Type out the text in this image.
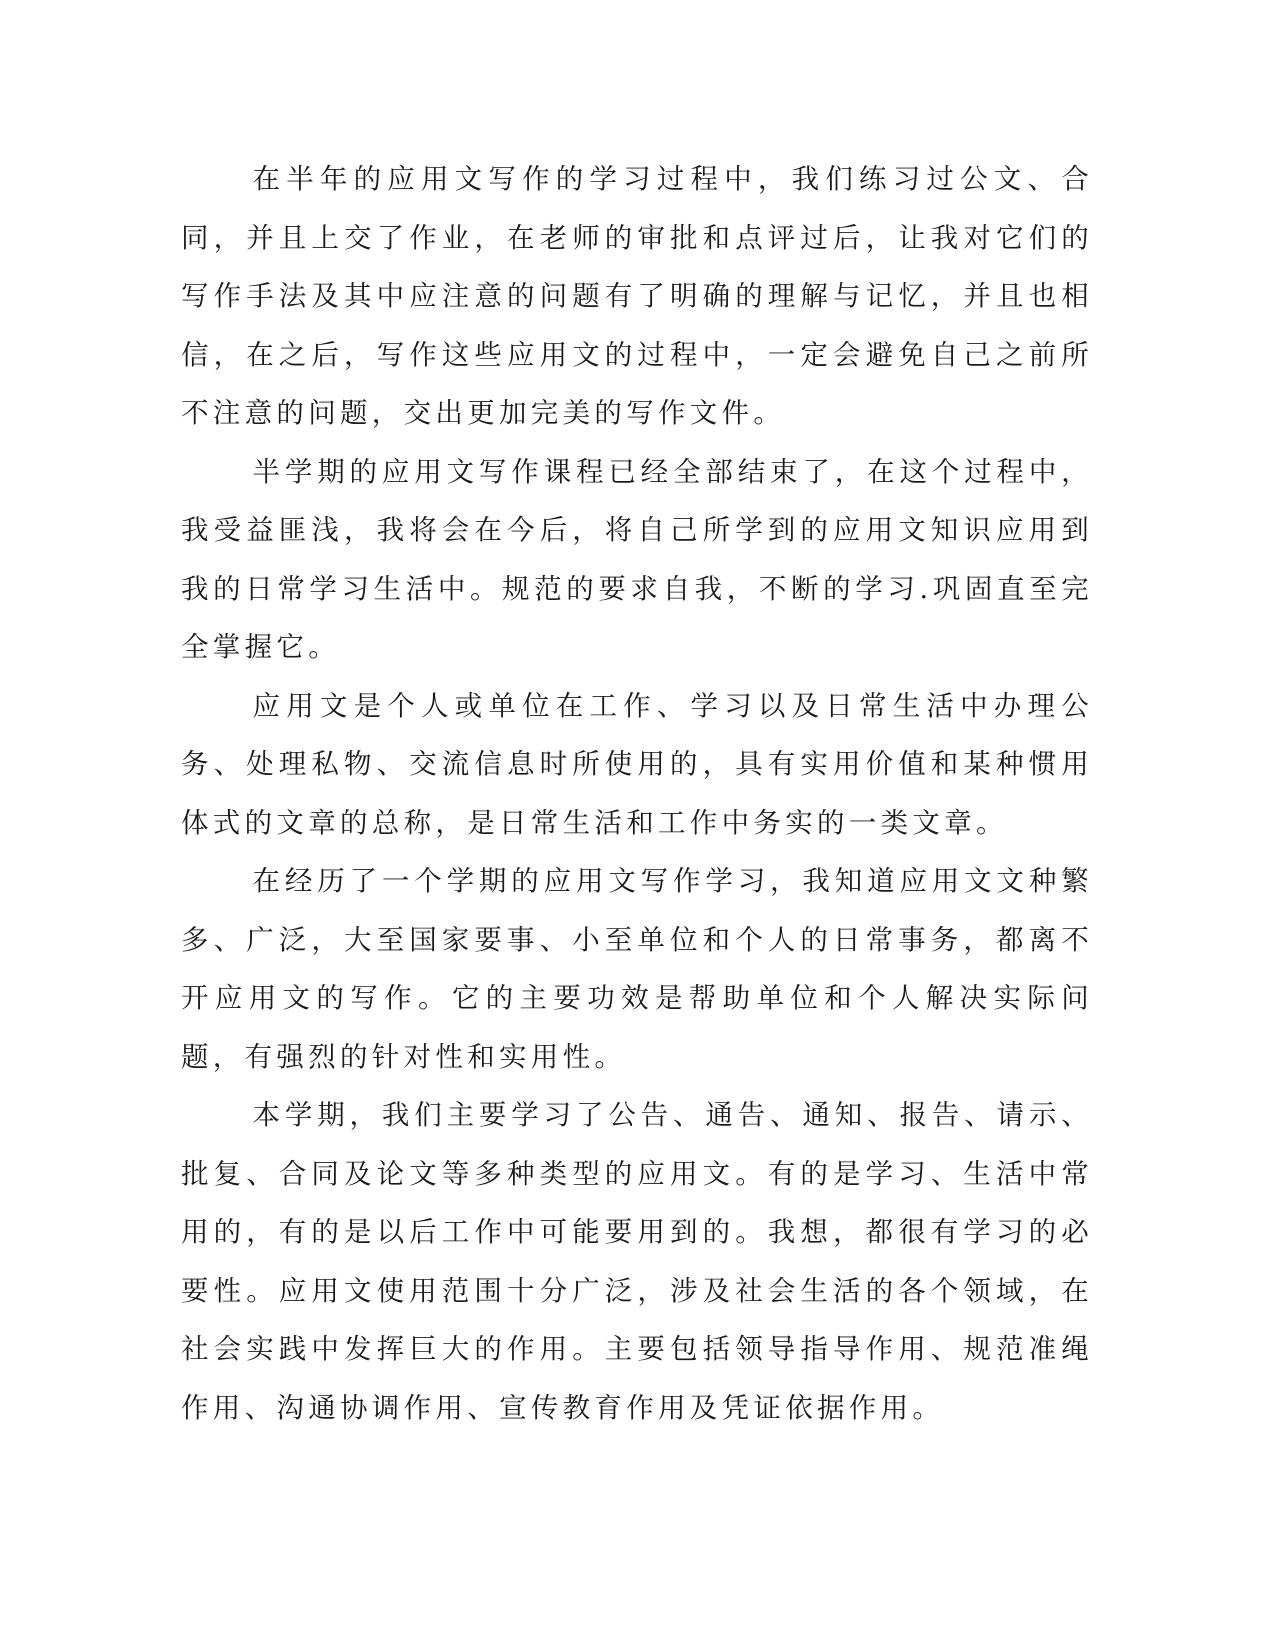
在半年的应用文写作的学习过程中，我们练习过公文、合同，并且上交了作业，在老师的审批和点评过后，让我对它们的写作手法及其中应注意的问题有了明确的理解与记忆，并且也相信，在之后，写作这些应用文的过程中，一定会避免自己之前所不注意的问题，交出更加完美的写作文件。

半学期的应用文写作课程已经全部结束了，在这个过程中，我受益匪浅，我将会在今后，将自己所学到的应用文知识应用到我的日常学习生活中。规范的要求自我，不断的学习.巩固直至完全掌握它。

应用文是个人或单位在工作、学习以及日常生活中办理公务、处理私物、交流信息时所使用的，具有实用价值和某种惯用体式的文章的总称，是日常生活和工作中务实的一类文章。

在经历了一个学期的应用文写作学习，我知道应用文文种繁多、广泛，大至国家要事、小至单位和个人的日常事务，都离不开应用文的写作。它的主要功效是帮助单位和个人解决实际问题，有强烈的针对性和实用性。

本学期，我们主要学习了公告、通告、通知、报告、请示、批复、合同及论文等多种类型的应用文。有的是学习、生活中常用的，有的是以后工作中可能要用到的。我想，都很有学习的必要性。应用文使用范围十分广泛，涉及社会生活的各个领域，在社会实践中发挥巨大的作用。主要包括领导指导作用、规范准绳作用、沟通协调作用、宣传教育作用及凭证依据作用。
